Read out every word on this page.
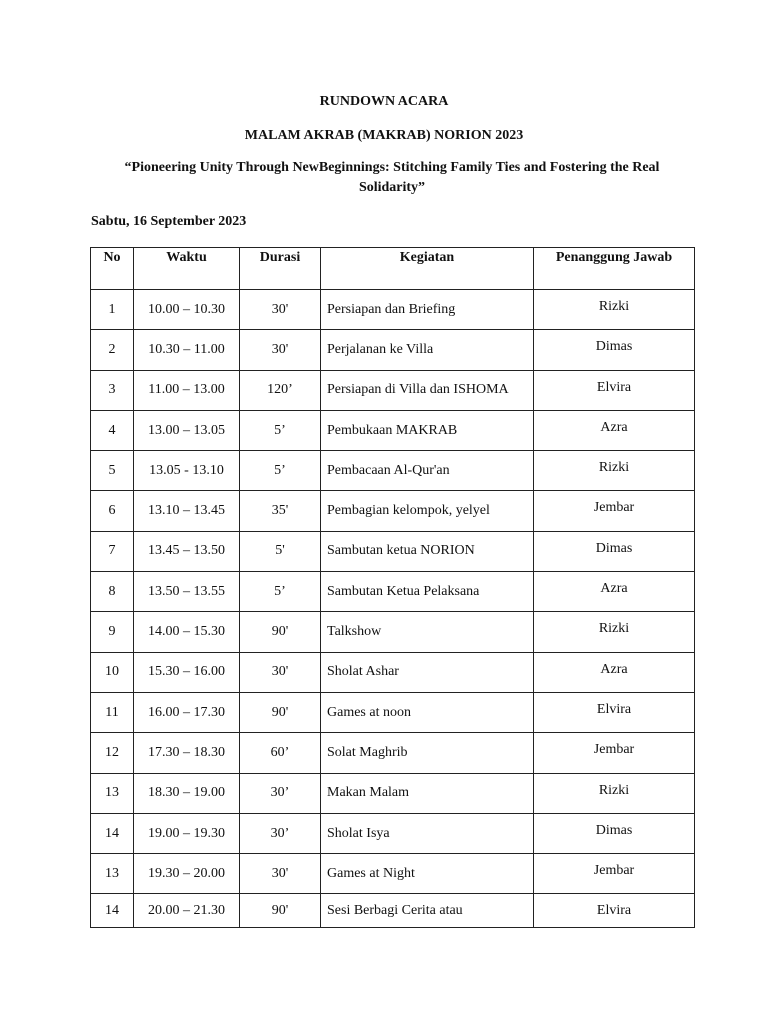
RUNDOWN ACARA
MALAM AKRAB (MAKRAB) NORION 2023
“Pioneering Unity Through NewBeginnings: Stitching Family Ties and Fostering the Real Solidarity”
Sabtu, 16 September 2023
No	Waktu	Durasi	Kegiatan	Penanggung Jawab
1	10.00 – 10.30	30'	Persiapan dan Briefing	Rizki
2	10.30 – 11.00	30'	Perjalanan ke Villa	Dimas
3	11.00 – 13.00	120’	Persiapan di Villa dan ISHOMA	Elvira
4	13.00 – 13.05	5’	Pembukaan MAKRAB	Azra
5	13.05 - 13.10	5’	Pembacaan Al-Qur'an	Rizki
6	13.10 – 13.45	35'	Pembagian kelompok, yelyel	Jembar
7	13.45 – 13.50	5'	Sambutan ketua NORION	Dimas
8	13.50 – 13.55	5’	Sambutan Ketua Pelaksana	Azra
9	14.00 – 15.30	90'	Talkshow	Rizki
10	15.30 – 16.00	30'	Sholat Ashar	Azra
11	16.00 – 17.30	90'	Games at noon	Elvira
12	17.30 – 18.30	60’	Solat Maghrib	Jembar
13	18.30 – 19.00	30’	Makan Malam	Rizki
14	19.00 – 19.30	30’	Sholat Isya	Dimas
13	19.30 – 20.00	30'	Games at Night	Jembar
14	20.00 – 21.30	90'	Sesi Berbagi Cerita atau	Elvira
